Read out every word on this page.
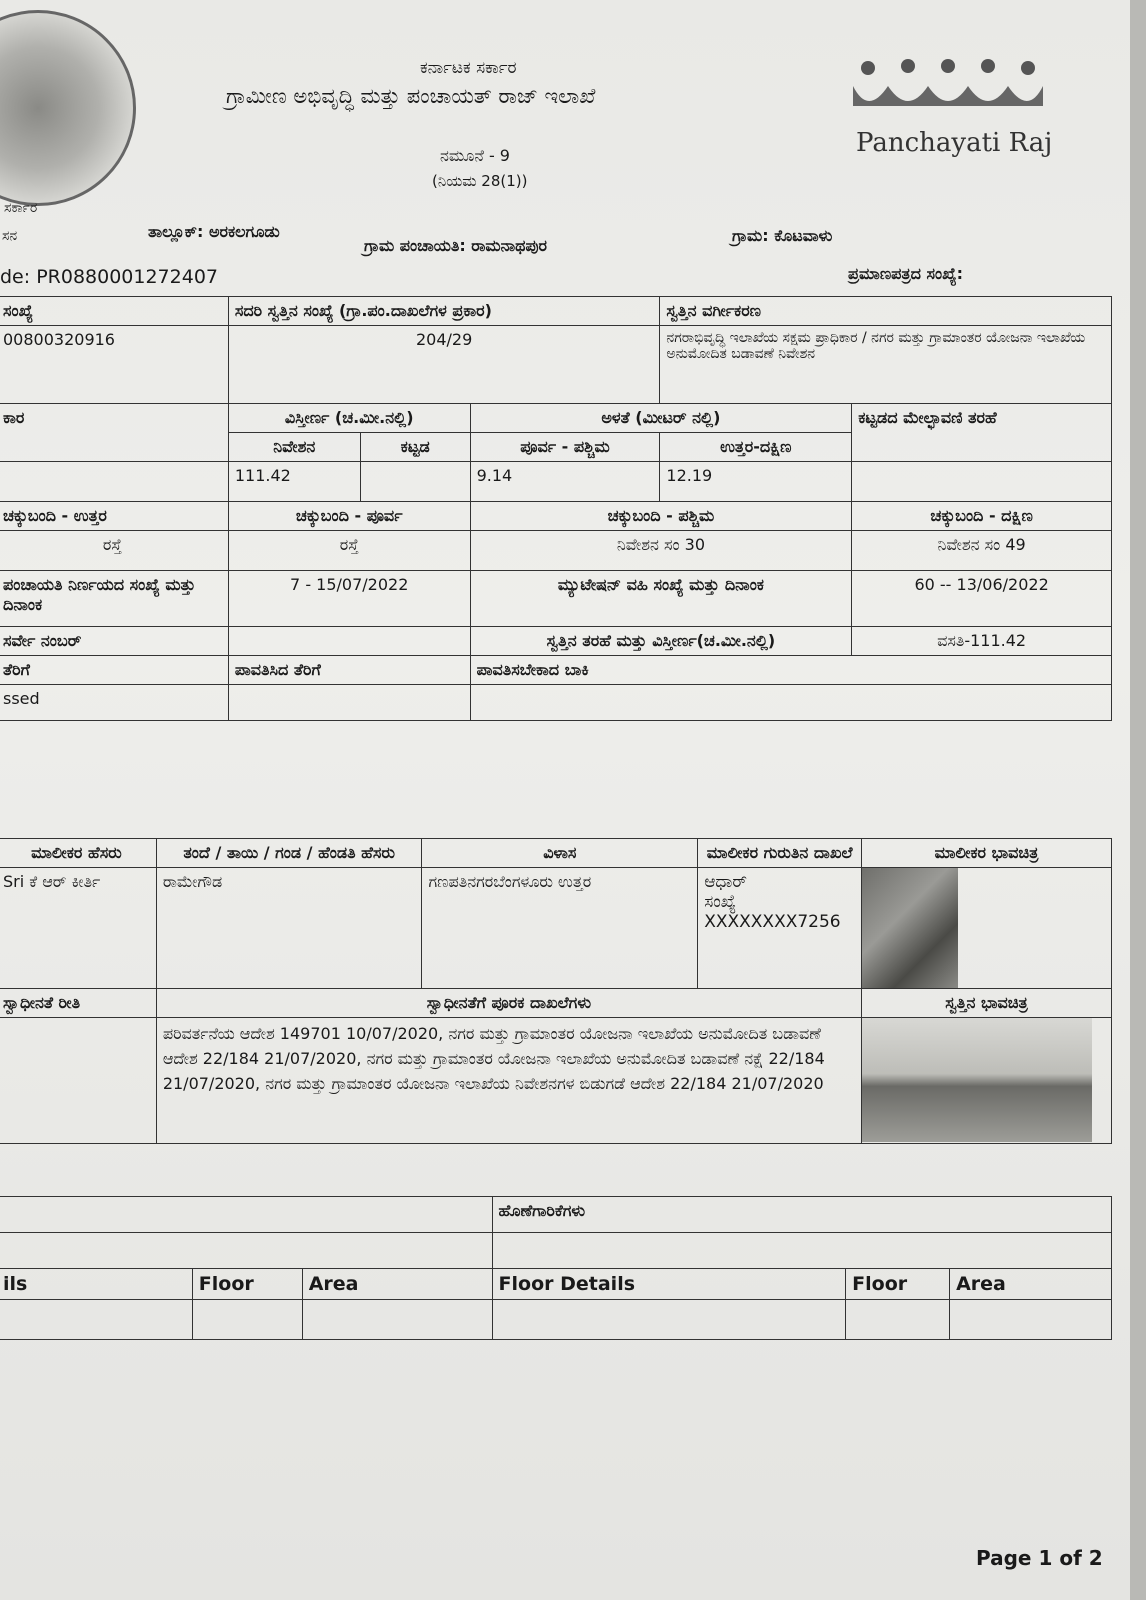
ಸರ್ಕಾರ
ಸನ
ಕರ್ನಾಟಕ ಸರ್ಕಾರ
ಗ್ರಾಮೀಣ ಅಭಿವೃದ್ಧಿ ಮತ್ತು ಪಂಚಾಯತ್ ರಾಜ್ ಇಲಾಖೆ
ನಮೂನೆ - 9
(ನಿಯಮ 28(1))
Panchayati Raj
ತಾಲ್ಲೂಕ್: ಅರಕಲಗೂಡು
ಗ್ರಾಮ ಪಂಚಾಯತಿ: ರಾಮನಾಥಪುರ
ಗ್ರಾಮ: ಕೊಟವಾಳು
de: PR0880001272407	ಪ್ರಮಾಣಪತ್ರದ ಸಂಖ್ಯೆ:
ಸಂಖ್ಯೆ	ಸದರಿ ಸ್ವತ್ತಿನ ಸಂಖ್ಯೆ (ಗ್ರಾ.ಪಂ.ದಾಖಲೆಗಳ ಪ್ರಕಾರ)			ಸ್ವತ್ತಿನ ವರ್ಗೀಕರಣ	
00800320916	204/29			ನಗರಾಭಿವೃದ್ಧಿ ಇಲಾಖೆಯ ಸಕ್ಷಮ ಪ್ರಾಧಿಕಾರ / ನಗರ ಮತ್ತು ಗ್ರಾಮಾಂತರ ಯೋಜನಾ ಇಲಾಖೆಯ ಅನುಮೋದಿತ ಬಡಾವಣೆ ನಿವೇಶನ	
ಕಾರ	ವಿಸ್ತೀರ್ಣ (ಚ.ಮೀ.ನಲ್ಲಿ)		ಅಳತೆ (ಮೀಟರ್ ನಲ್ಲಿ)		ಕಟ್ಟಡದ ಮೇಲ್ಛಾವಣಿ ತರಹೆ
	ನಿವೇಶನ	ಕಟ್ಟಡ	ಪೂರ್ವ - ಪಶ್ಚಿಮ	ಉತ್ತರ-ದಕ್ಷಿಣ	
	111.42		9.14	12.19	
ಚಕ್ಕುಬಂದಿ - ಉತ್ತರ	ಚಕ್ಕುಬಂದಿ - ಪೂರ್ವ		ಚಕ್ಕುಬಂದಿ - ಪಶ್ಚಿಮ		ಚಕ್ಕುಬಂದಿ - ದಕ್ಷಿಣ
ರಸ್ತೆ	ರಸ್ತೆ		ನಿವೇಶನ ಸಂ 30		ನಿವೇಶನ ಸಂ 49
ಪಂಚಾಯತಿ ನಿರ್ಣಯದ ಸಂಖ್ಯೆ ಮತ್ತು ದಿನಾಂಕ	7 - 15/07/2022		ಮ್ಯುಟೇಷನ್ ವಹಿ ಸಂಖ್ಯೆ ಮತ್ತು ದಿನಾಂಕ		60 -- 13/06/2022
ಸರ್ವೇ ನಂಬರ್			ಸ್ವತ್ತಿನ ತರಹೆ ಮತ್ತು ವಿಸ್ತೀರ್ಣ(ಚ.ಮೀ.ನಲ್ಲಿ)		ವಸತಿ-111.42
ತೆರಿಗೆ	ಪಾವತಿಸಿದ ತೆರಿಗೆ		ಪಾವತಿಸಬೇಕಾದ ಬಾಕಿ		
ssed					
ಮಾಲೀಕರ ಹೆಸರು	ತಂದೆ / ತಾಯಿ / ಗಂಡ / ಹೆಂಡತಿ ಹೆಸರು	ವಿಳಾಸ	ಮಾಲೀಕರ ಗುರುತಿನ ದಾಖಲೆ	ಮಾಲೀಕರ ಭಾವಚಿತ್ರ
Sri ಕೆ ಆರ್ ಕೀರ್ತಿ	ರಾಮೇಗೌಡ	ಗಣಪತಿನಗರಬೆಂಗಳೂರು ಉತ್ತರ	ಆಧಾರ್
ಸಂಖ್ಯೆ
XXXXXXXX7256	

ಸ್ವಾಧೀನತೆ ರೀತಿ	ಸ್ವಾಧೀನತೆಗೆ ಪೂರಕ ದಾಖಲೆಗಳು			ಸ್ವತ್ತಿನ ಭಾವಚಿತ್ರ
	ಪರಿವರ್ತನೆಯ ಆದೇಶ 149701 10/07/2020, ನಗರ ಮತ್ತು ಗ್ರಾಮಾಂತರ ಯೋಜನಾ ಇಲಾಖೆಯ ಅನುಮೋದಿತ ಬಡಾವಣೆ ಆದೇಶ 22/184 21/07/2020, ನಗರ ಮತ್ತು ಗ್ರಾಮಾಂತರ ಯೋಜನಾ ಇಲಾಖೆಯ ಅನುಮೋದಿತ ಬಡಾವಣೆ ನಕ್ಷೆ 22/184 21/07/2020, ನಗರ ಮತ್ತು ಗ್ರಾಮಾಂತರ ಯೋಜನಾ ಇಲಾಖೆಯ ನಿವೇಶನಗಳ ಬಿಡುಗಡೆ ಆದೇಶ 22/184 21/07/2020			
			ಹೊಣೆಗಾರಿಕೆಗಳು		

ils	Floor	Area	Floor Details	Floor	Area

Page 1 of 2
